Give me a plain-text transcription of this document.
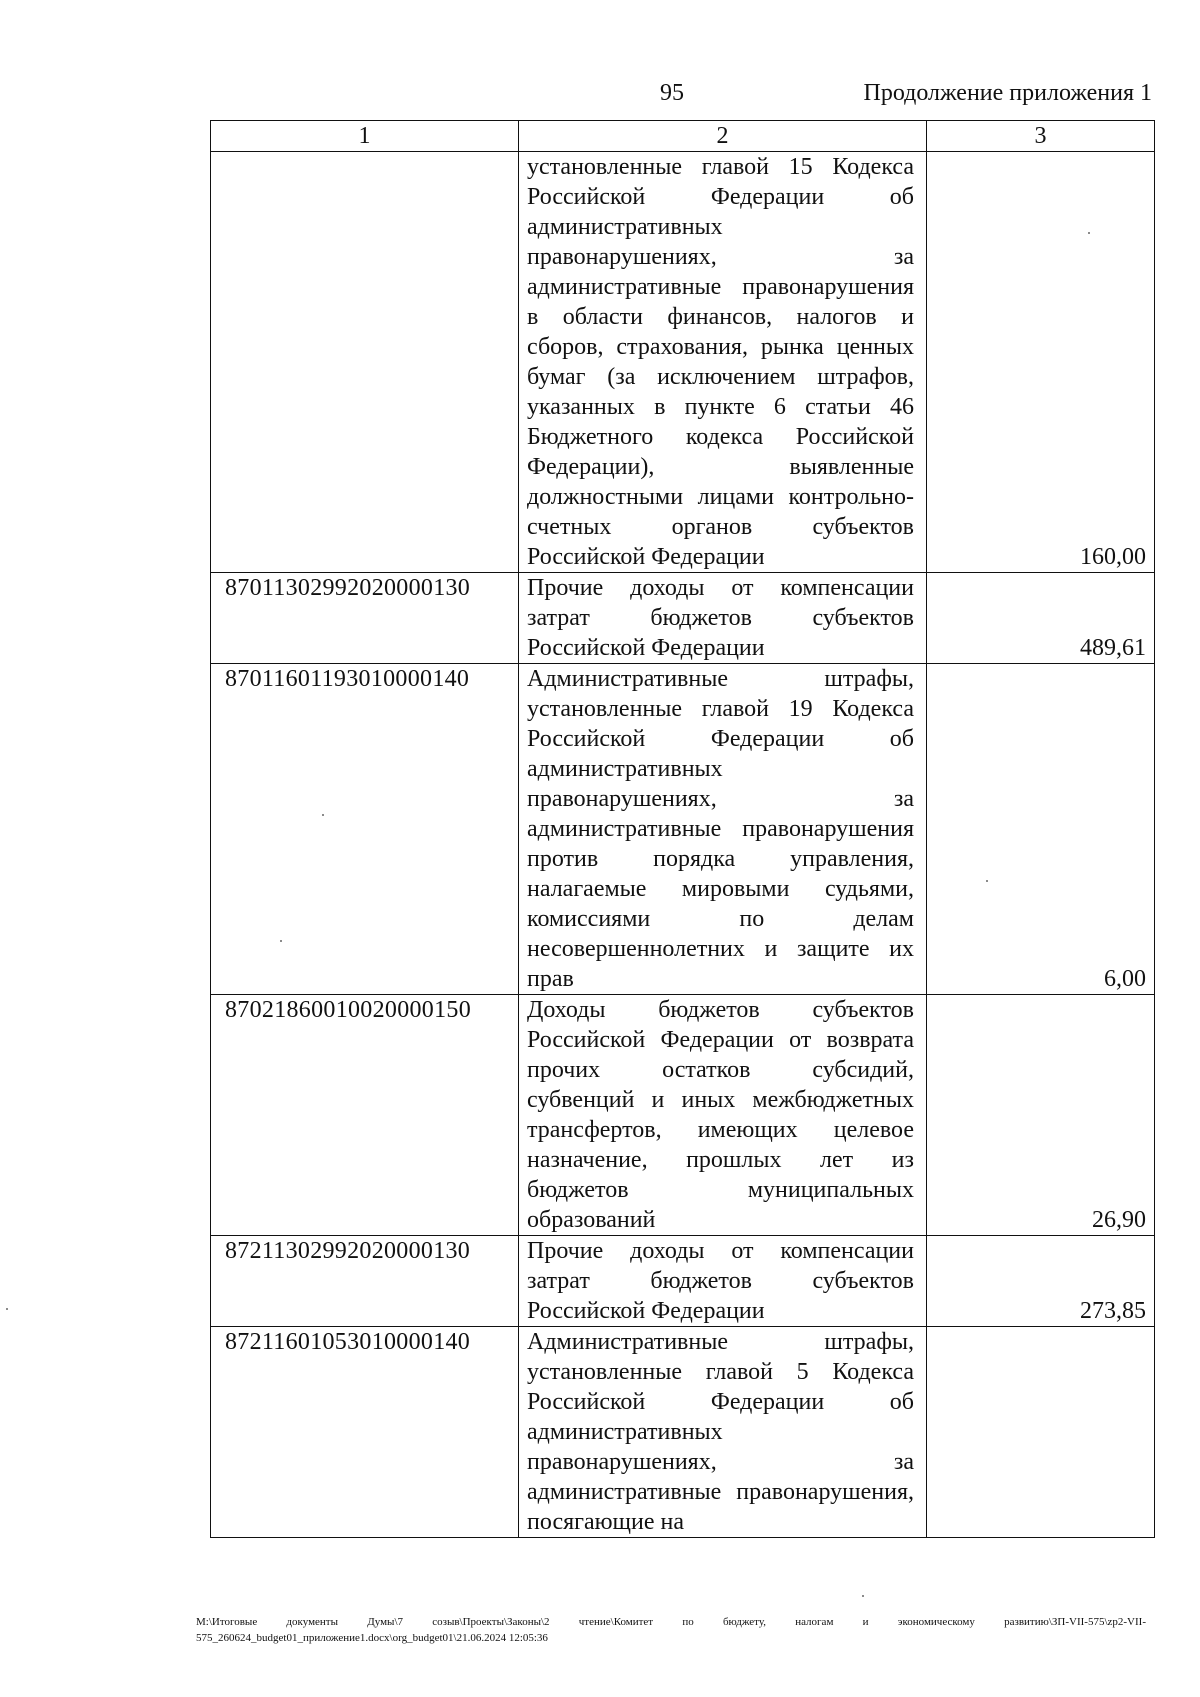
95	Продолжение приложения 1
1	2	3
	установленные главой 15 Кодекса Российской Федерации об административных правонарушениях, за административные правонарушения в области финансов, налогов и сборов, страхования, рынка ценных бумаг (за исключением штрафов, указанных в пункте 6 статьи 46 Бюджетного кодекса Российской Федерации), выявленные должностными лицами контрольно-счетных органов субъектов Российской Федерации	160,00
87011302992020000130	Прочие доходы от компенсации затрат бюджетов субъектов Российской Федерации	489,61
87011601193010000140	Административные штрафы, установленные главой 19 Кодекса Российской Федерации об административных правонарушениях, за административные правонарушения против порядка управления, налагаемые мировыми судьями, комиссиями по делам несовершеннолетних и защите их прав	6,00
87021860010020000150	Доходы бюджетов субъектов Российской Федерации от возврата прочих остатков субсидий, субвенций и иных межбюджетных трансфертов, имеющих целевое назначение, прошлых лет из бюджетов муниципальных образований	26,90
87211302992020000130	Прочие доходы от компенсации затрат бюджетов субъектов Российской Федерации	273,85
87211601053010000140	Административные штрафы, установленные главой 5 Кодекса Российской Федерации об административных правонарушениях, за административные правонарушения, посягающие на	
М:\Итоговые документы Думы\7 созыв\Проекты\Законы\2 чтение\Комитет по бюджету, налогам и экономическому развитию\ЗП-VII-575\zp2-VII-575_260624_budget01_приложение1.docx\org_budget01\21.06.2024 12:05:36
